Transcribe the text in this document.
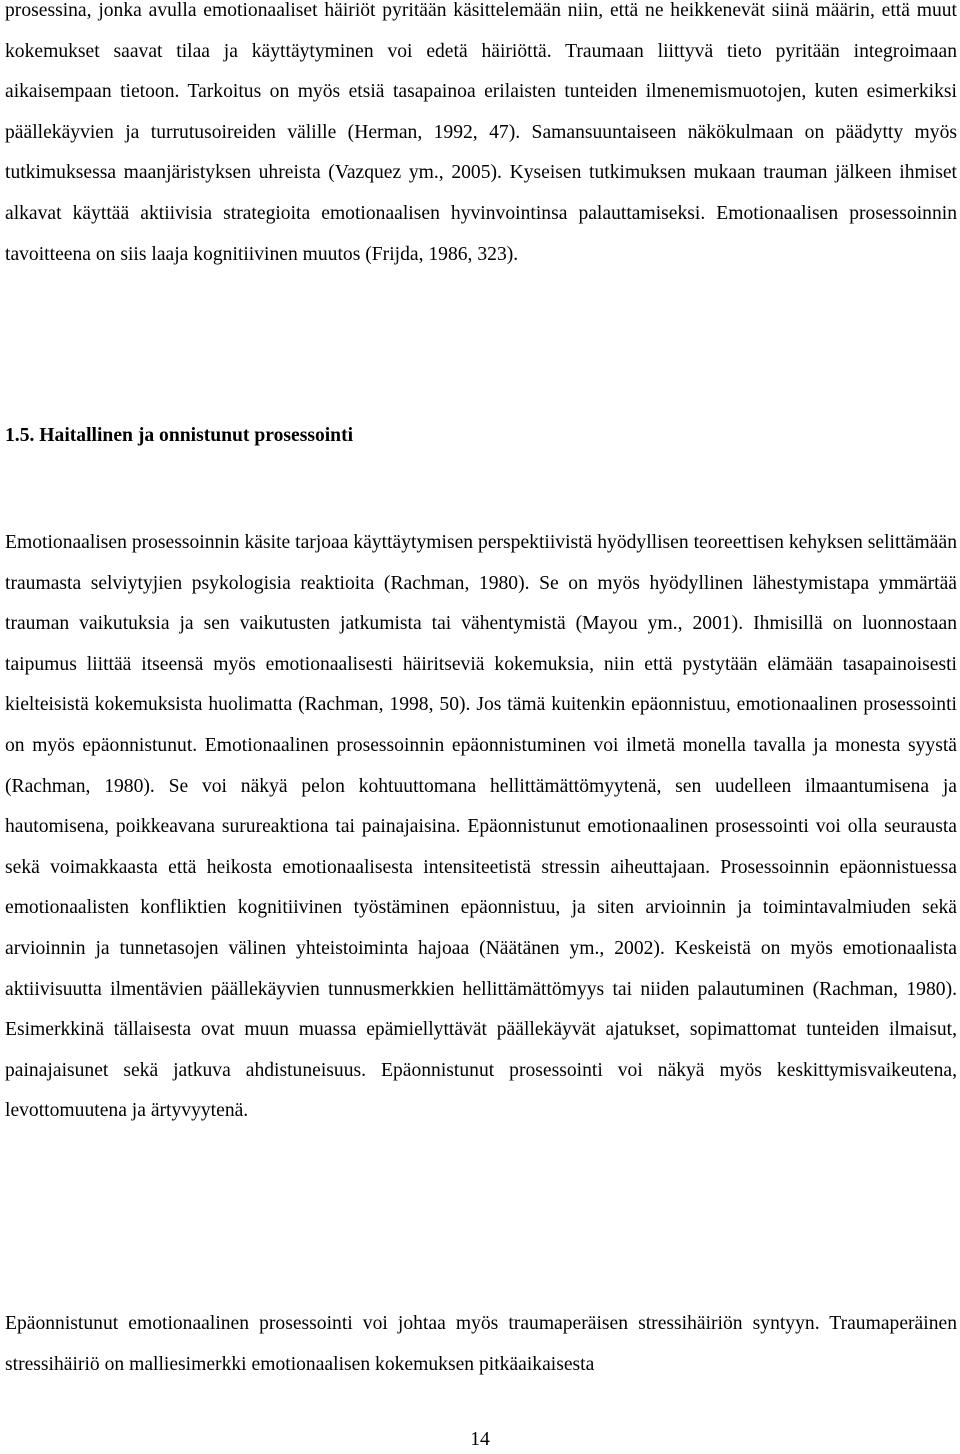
prosessina, jonka avulla emotionaaliset häiriöt pyritään käsittelemään niin, että ne heikkenevät siinä määrin, että muut kokemukset saavat tilaa ja käyttäytyminen voi edetä häiriöttä. Traumaan liittyvä tieto pyritään integroimaan aikaisempaan tietoon. Tarkoitus on myös etsiä tasapainoa erilaisten tunteiden ilmenemismuotojen, kuten esimerkiksi päällekäyvien ja turrutusoireiden välille (Herman, 1992, 47). Samansuuntaiseen näkökulmaan on päädytty myös tutkimuksessa maanjäristyksen uhreista (Vazquez ym., 2005). Kyseisen tutkimuksen mukaan trauman jälkeen ihmiset alkavat käyttää aktiivisia strategioita emotionaalisen hyvinvointinsa palauttamiseksi. Emotionaalisen prosessoinnin tavoitteena on siis laaja kognitiivinen muutos (Frijda, 1986, 323).

1.5. Haitallinen ja onnistunut prosessointi

Emotionaalisen prosessoinnin käsite tarjoaa käyttäytymisen perspektiivistä hyödyllisen teoreettisen kehyksen selittämään traumasta selviytyjien psykologisia reaktioita (Rachman, 1980). Se on myös hyödyllinen lähestymistapa ymmärtää trauman vaikutuksia ja sen vaikutusten jatkumista tai vähentymistä (Mayou ym., 2001). Ihmisillä on luonnostaan taipumus liittää itseensä myös emotionaalisesti häiritseviä kokemuksia, niin että pystytään elämään tasapainoisesti kielteisistä kokemuksista huolimatta (Rachman, 1998, 50). Jos tämä kuitenkin epäonnistuu, emotionaalinen prosessointi on myös epäonnistunut. Emotionaalinen prosessoinnin epäonnistuminen voi ilmetä monella tavalla ja monesta syystä (Rachman, 1980). Se voi näkyä pelon kohtuuttomana hellittämättömyytenä, sen uudelleen ilmaantumisena ja hautomisena, poikkeavana surureaktiona tai painajaisina. Epäonnistunut emotionaalinen prosessointi voi olla seurausta sekä voimakkaasta että heikosta emotionaalisesta intensiteetistä stressin aiheuttajaan. Prosessoinnin epäonnistuessa emotionaalisten konfliktien kognitiivinen työstäminen epäonnistuu, ja siten arvioinnin ja toimintavalmiuden sekä arvioinnin ja tunnetasojen välinen yhteistoiminta hajoaa (Näätänen ym., 2002). Keskeistä on myös emotionaalista aktiivisuutta ilmentävien päällekäyvien tunnusmerkkien hellittämättömyys tai niiden palautuminen (Rachman, 1980). Esimerkkinä tällaisesta ovat muun muassa epämiellyttävät päällekäyvät ajatukset, sopimattomat tunteiden ilmaisut, painajaisunet sekä jatkuva ahdistuneisuus. Epäonnistunut prosessointi voi näkyä myös keskittymisvaikeutena, levottomuutena ja ärtyvyytenä.

Epäonnistunut emotionaalinen prosessointi voi johtaa myös traumaperäisen stressihäiriön syntyyn. Traumaperäinen stressihäiriö on malliesimerkki emotionaalisen kokemuksen pitkäaikaisesta

14
